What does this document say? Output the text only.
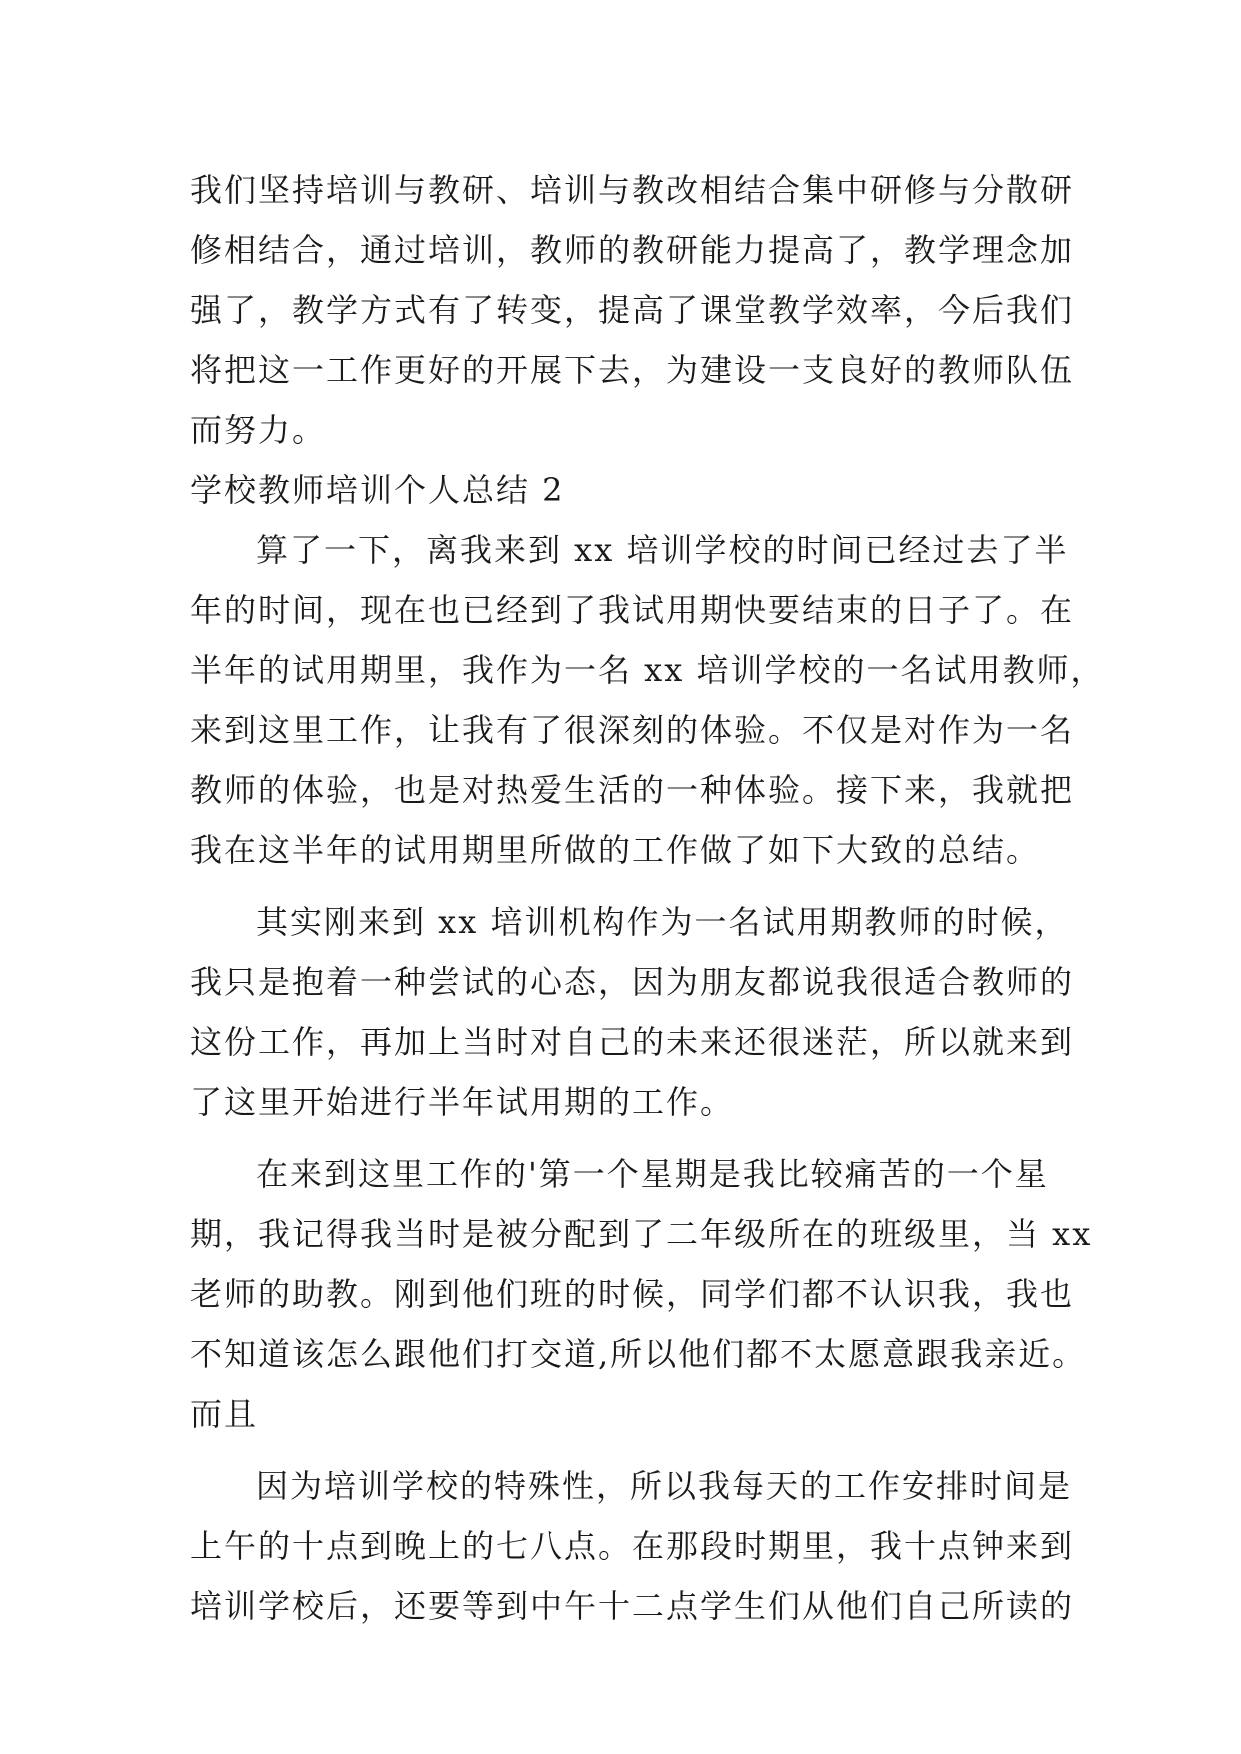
我们坚持培训与教研、培训与教改相结合集中研修与分散研
修相结合，通过培训，教师的教研能力提高了，教学理念加
强了，教学方式有了转变，提高了课堂教学效率，今后我们
将把这一工作更好的开展下去，为建设一支良好的教师队伍
而努力。
学校教师培训个人总结 2
算了一下，离我来到 xx 培训学校的时间已经过去了半
年的时间，现在也已经到了我试用期快要结束的日子了。在
半年的试用期里，我作为一名 xx 培训学校的一名试用教师，
来到这里工作，让我有了很深刻的体验。不仅是对作为一名
教师的体验，也是对热爱生活的一种体验。接下来，我就把
我在这半年的试用期里所做的工作做了如下大致的总结。
其实刚来到 xx 培训机构作为一名试用期教师的时候，
我只是抱着一种尝试的心态，因为朋友都说我很适合教师的
这份工作，再加上当时对自己的未来还很迷茫，所以就来到
了这里开始进行半年试用期的工作。
在来到这里工作的'第一个星期是我比较痛苦的一个星
期，我记得我当时是被分配到了二年级所在的班级里，当 xx
老师的助教。刚到他们班的时候，同学们都不认识我，我也
不知道该怎么跟他们打交道,所以他们都不太愿意跟我亲近。
而且
因为培训学校的特殊性，所以我每天的工作安排时间是
上午的十点到晚上的七八点。在那段时期里，我十点钟来到
培训学校后，还要等到中午十二点学生们从他们自己所读的
